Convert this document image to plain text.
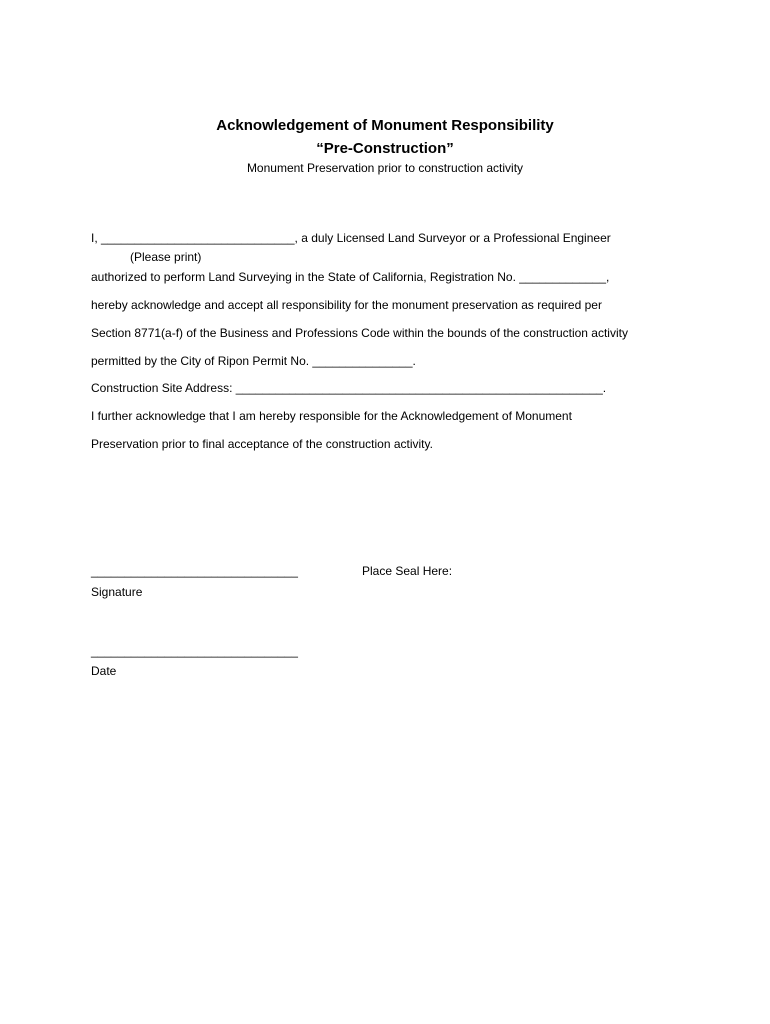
Acknowledgement of Monument Responsibility
“Pre-Construction”
Monument Preservation prior to construction activity
I, _____________________________, a duly Licensed Land Surveyor or a Professional Engineer
(Please print)
authorized to perform Land Surveying in the State of California, Registration No. _____________,
hereby acknowledge and accept all responsibility for the monument preservation as required per
Section 8771(a-f) of the Business and Professions Code within the bounds of the construction activity
permitted by the City of Ripon Permit No. _______________.
Construction Site Address: _______________________________________________________.
I further acknowledge that I am hereby responsible for the Acknowledgement of Monument
Preservation prior to final acceptance of the construction activity.
_______________________________	Place Seal Here:
Signature
_______________________________
Date
